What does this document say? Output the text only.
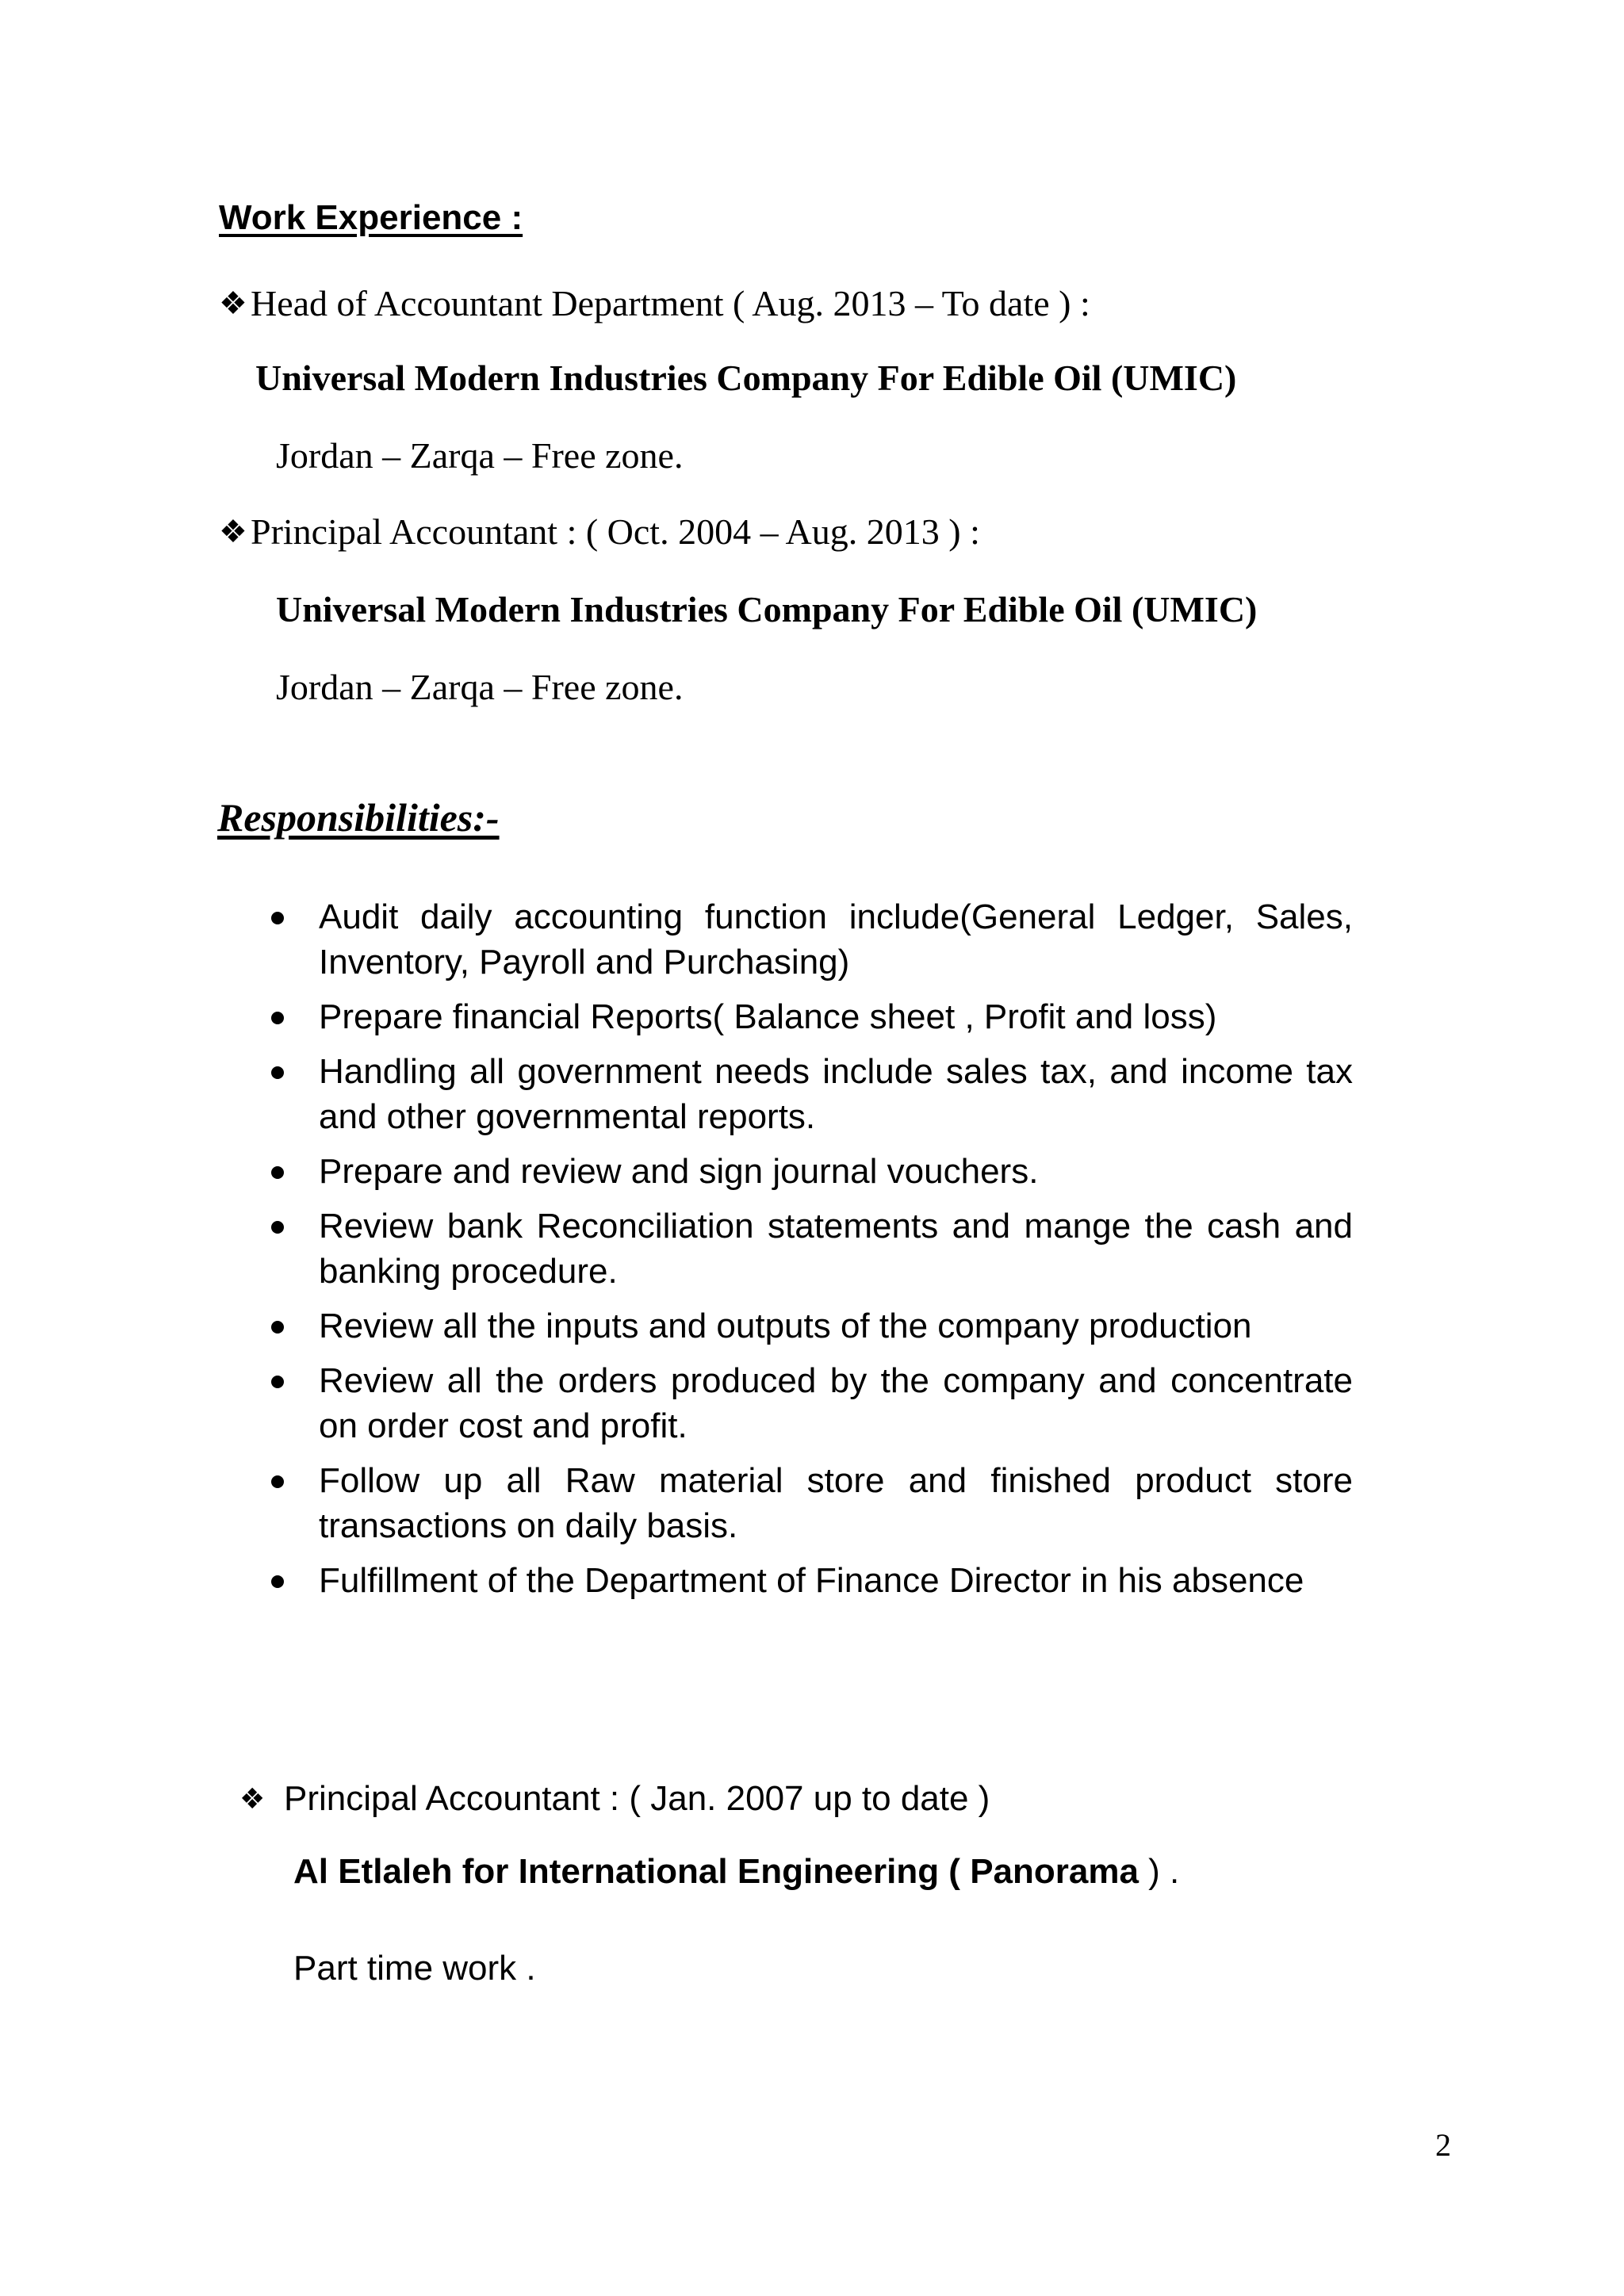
Work Experience :
❖Head of Accountant Department ( Aug. 2013 – To date ) :
Universal Modern Industries Company For Edible Oil (UMIC)
Jordan – Zarqa – Free zone.
❖Principal Accountant : ( Oct. 2004 – Aug. 2013 ) :
Universal Modern Industries Company For Edible Oil (UMIC)
Jordan – Zarqa – Free zone.
Responsibilities:-
Audit daily accounting function include(General Ledger, Sales, Inventory, Payroll and Purchasing)
Prepare financial Reports( Balance sheet , Profit and loss)
Handling all government needs include sales tax, and income tax and other governmental reports.
Prepare and review and sign journal vouchers.
Review bank Reconciliation statements and mange the cash and banking procedure.
Review all the inputs and outputs of the company production
Review all the orders produced by the company and concentrate on order cost and profit.
Follow up all Raw material store and finished product store transactions on daily basis.
Fulfillment of the Department of Finance Director in his absence
❖ Principal Accountant : ( Jan. 2007 up to date )
Al Etlaleh for International Engineering ( Panorama ) .
Part time work .
2
